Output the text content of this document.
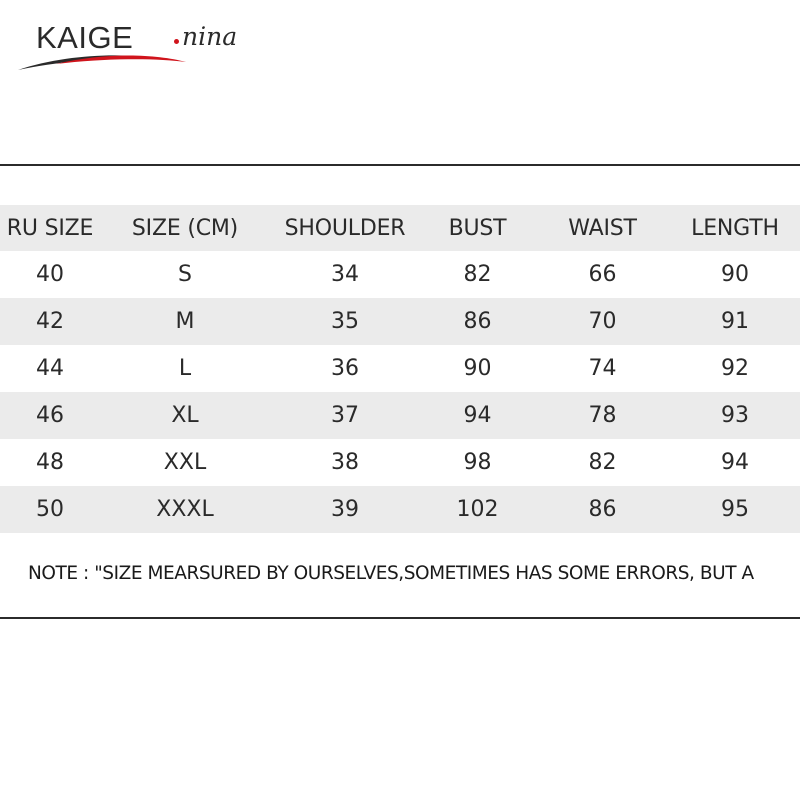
KAIGE nina
RU SIZE	SIZE (CM)	SHOULDER	BUST	WAIST	LENGTH
40	S	34	82	66	90
42	M	35	86	70	91
44	L	36	90	74	92
46	XL	37	94	78	93
48	XXL	38	98	82	94
50	XXXL	39	102	86	95
NOTE : "SIZE MEARSURED BY OURSELVES,SOMETIMES HAS SOME ERRORS, BUT A
